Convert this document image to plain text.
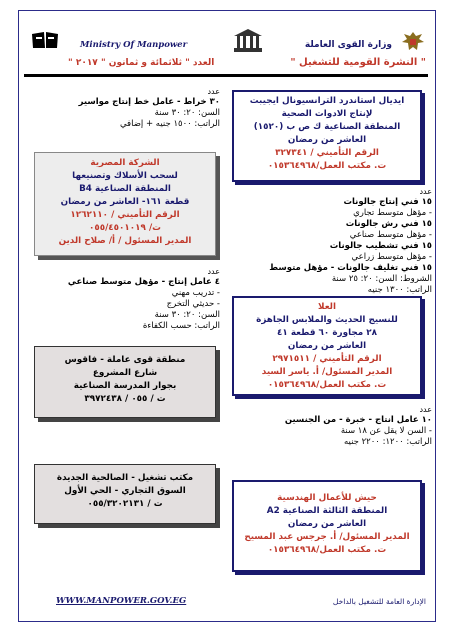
وزارة القوى العاملة
Ministry Of Manpower
" النشرة القومية للتشغيل "
العدد " ثلاثمائة و ثمانون " ٢٠١٧ "
ايديال استاندرد الترانسيونال ايجيبت
لإنتاج الادوات الصحية
المنطقة الصناعية ك ص ب (١٥٢٠)
العاشر من رمضان
الرقم التأميني / ٣٢٧٣٤١
ت. مكتب العمل/٠١٥٣٦٤٩٦٨
عدد
١٥ فني إنتاج جالونات
- مؤهل متوسط تجاري
١٥ فني رش جالونات
- مؤهل متوسط صناعي
١٥ فني تشطيب جالونات
- مؤهل متوسط زراعي
١٥ فني تغليف جالونات - مؤهل متوسط
الشروط: السن: ٢٠: ٢٥ سنة
الراتب: ١٣٠٠ جنيه
العلا
للنسيج الحديث والملابس الجاهزة
٢٨ مجاورة ٦٠ قطعة ٤١
العاشر من رمضان
الرقم التأميني / ٢٩٧١٥١١
المدير المسئول/ أ. ياسر السيد
ت. مكتب العمل/٠١٥٣٦٤٩٦٨
عدد
١٠ عامل انتاج - خبرة - من الجنسين
- السن لا يقل عن ١٨ سنة
الراتب: ١٢٠٠: ٢٢٠٠ جنيه
حيش للأعمال الهندسية
المنطقة الثالثة الصناعية A2
العاشر من رمضان
المدير المسئول/ أ. جرجس عبد المسيح
ت. مكتب العمل/٠١٥٣٦٤٩٦٨
عدد
٣٠ خراط - عامل خط إنتاج مواسير
السن: ٢٠: ٣٠ سنة
الراتب: ١٥٠٠ جنيه + إضافي
الشركة المصرية
لسحب الأسلاك وتصنيعها
المنطقة الصناعية B4
قطعة ١٦١- العاشر من رمضان
الرقم التأميني / ١٢٦٢١١٠
ت/ ٠٥٥/٤٥٠١٠١٩
المدير المسئول / أ/ صلاح الدين
عدد
٤ عامل إنتاج - مؤهل متوسط صناعي
- تدريب مهني
- حديثي التخرج
السن: ٢٠: ٣٠ سنة
الراتب: حسب الكفاءة
منطقة قوى عاملة - فاقوس
شارع المشروع
بجوار المدرسة الصناعية
ت / ٠٥٥ / ٣٩٧٢٤٣٨
مكتب تشغيل - الصالحية الجديدة
السوق التجاري - الحي الأول
ت / ٠٥٥/٣٢٠٢١٣١
WWW.MANPOWER.GOV.EG	الإدارة العامة للتشغيل بالداخل
